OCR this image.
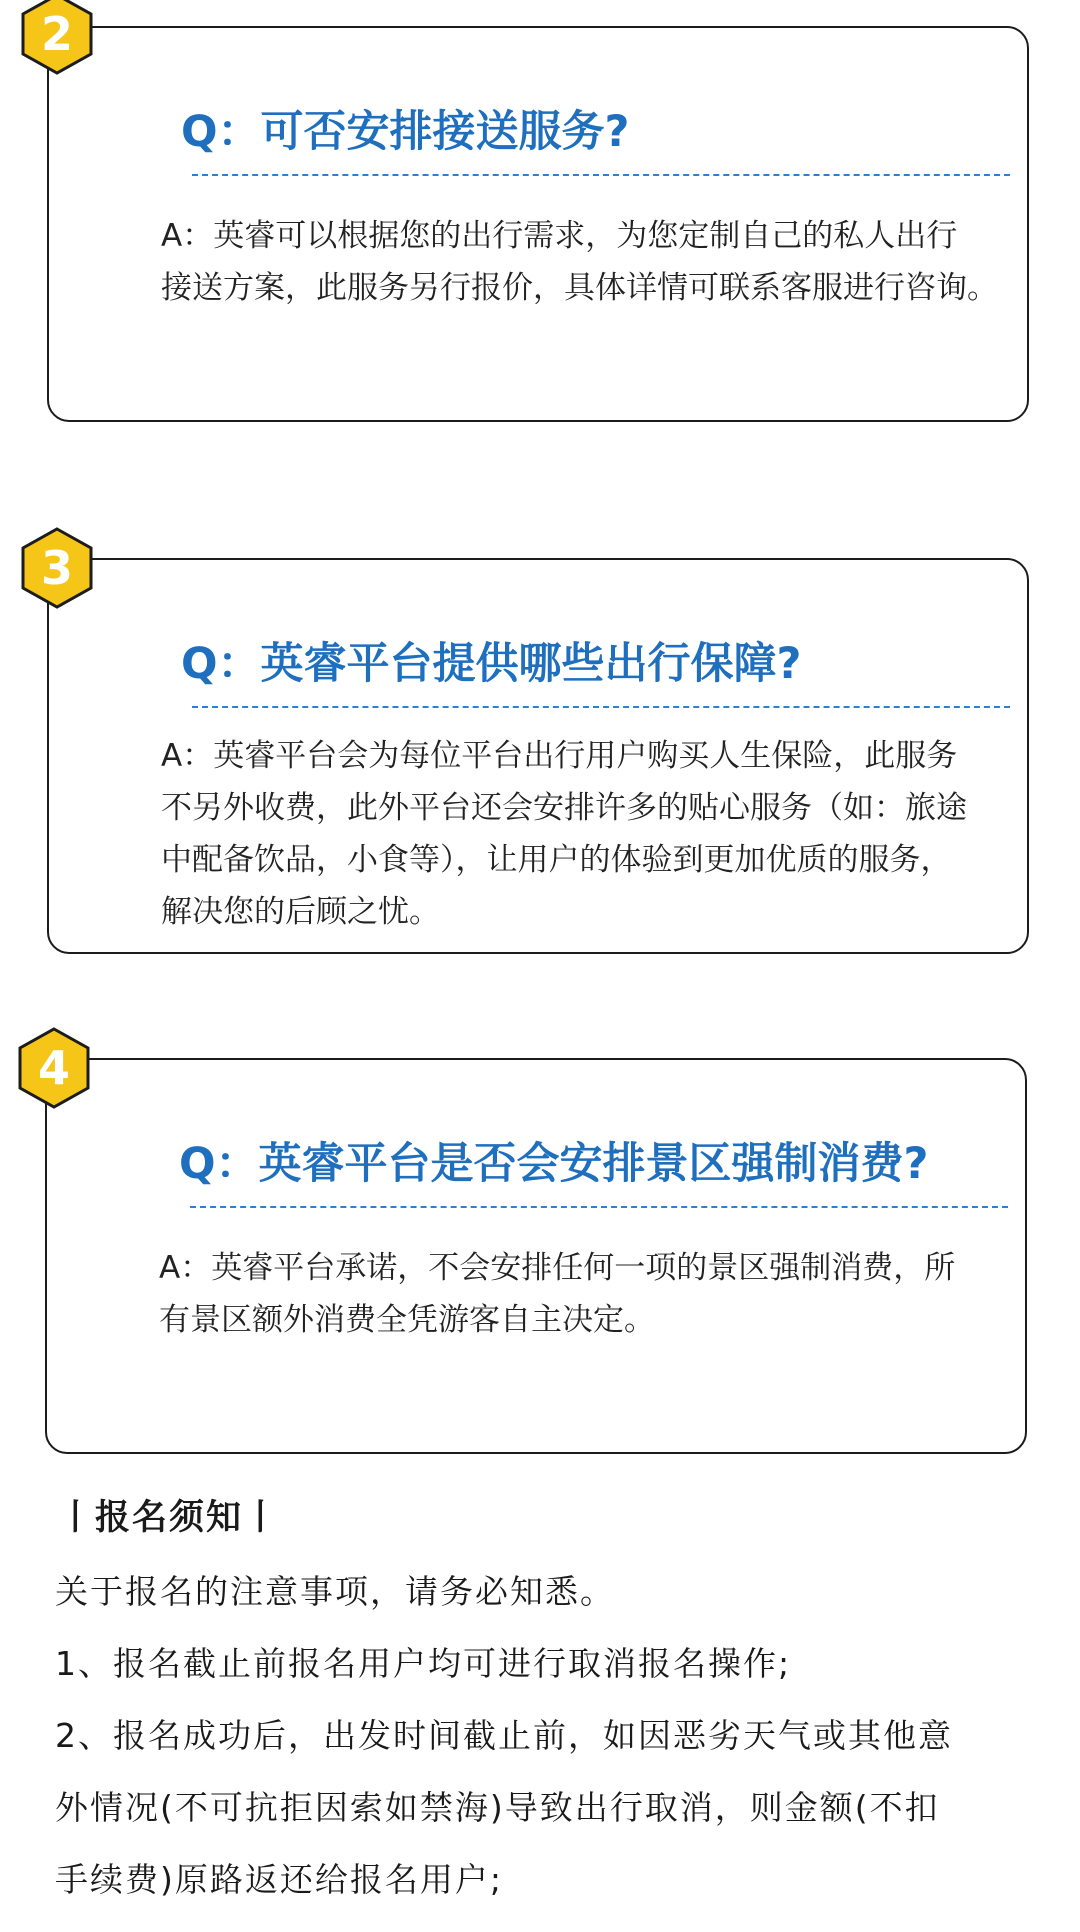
Q：可否安排接送服务?
A：英睿可以根据您的出行需求，为您定制自己的私人出行
接送方案，此服务另行报价，具体详情可联系客服进行咨询。
2
Q：英睿平台提供哪些出行保障?
A：英睿平台会为每位平台出行用户购买人生保险，此服务
不另外收费，此外平台还会安排许多的贴心服务（如：旅途
中配备饮品，小食等），让用户的体验到更加优质的服务，
解决您的后顾之忧。
3
Q：英睿平台是否会安排景区强制消费?
A：英睿平台承诺，不会安排任何一项的景区强制消费，所
有景区额外消费全凭游客自主决定。
4
丨报名须知丨
关于报名的注意事项，请务必知悉。
1、报名截止前报名用户均可进行取消报名操作;
2、报名成功后，出发时间截止前，如因恶劣天气或其他意
外情况(不可抗拒因索如禁海)导致出行取消，则金额(不扣
手续费)原路返还给报名用户;
